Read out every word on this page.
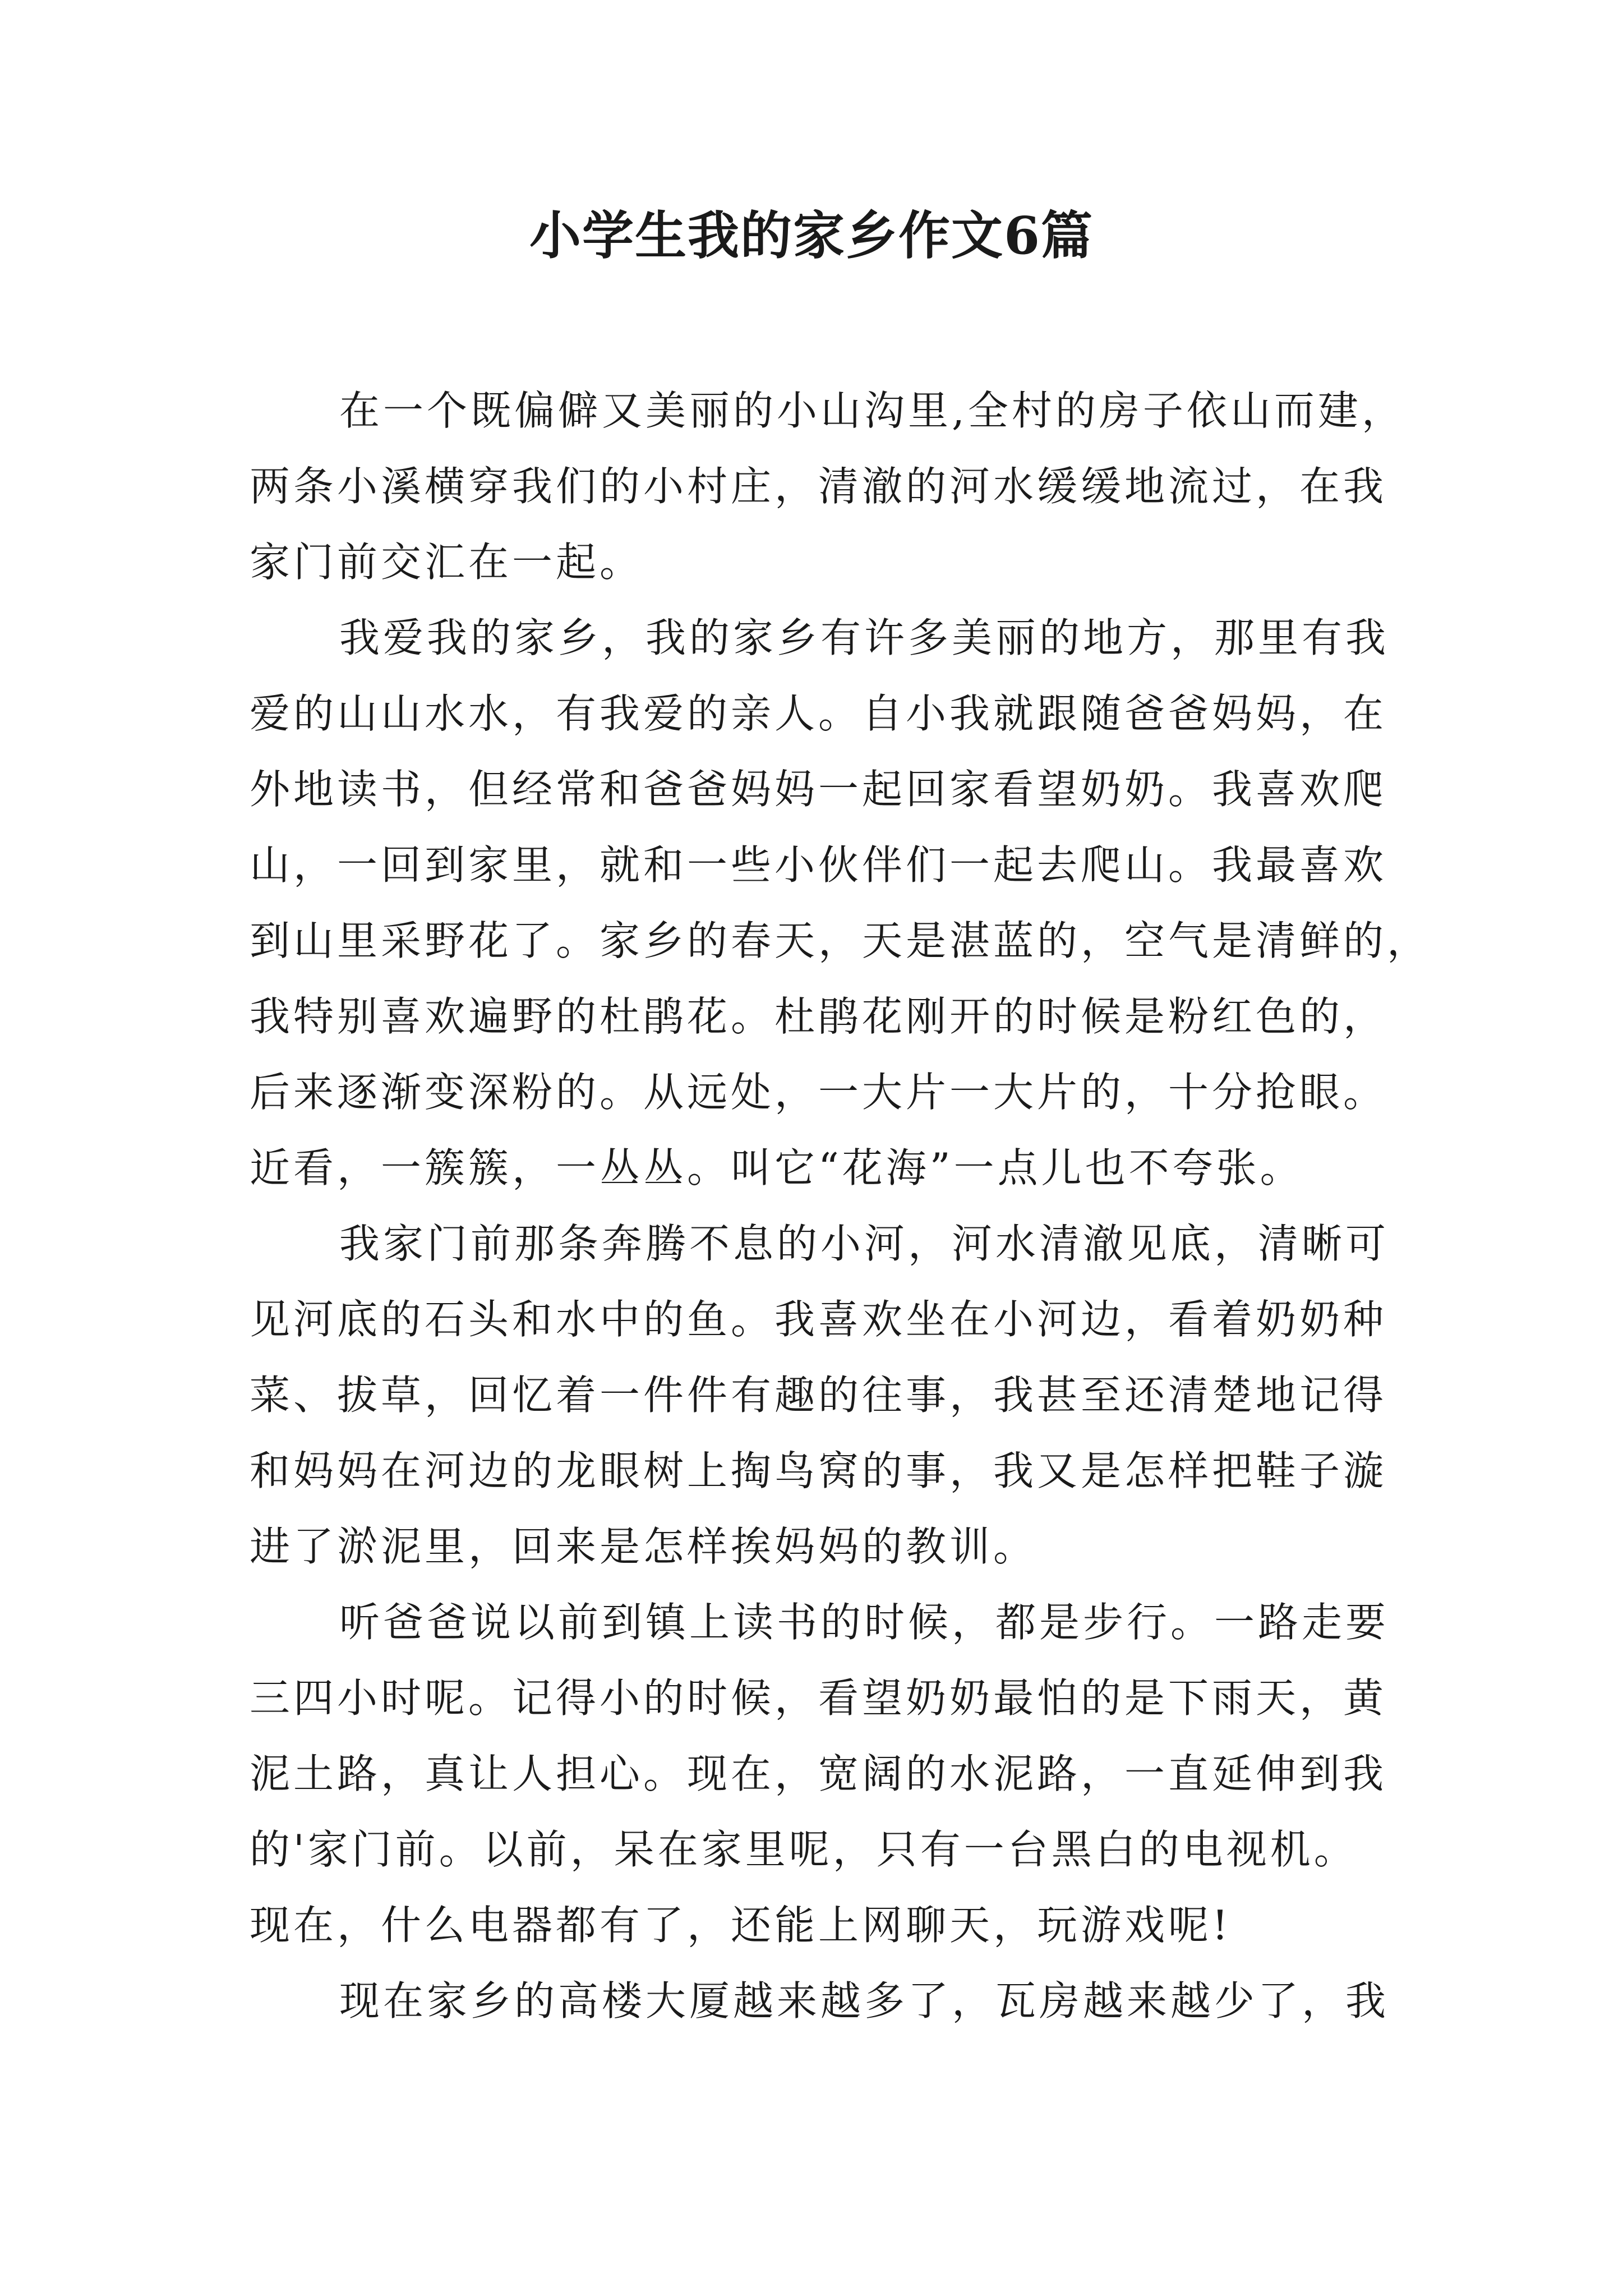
小学生我的家乡作文6篇
在一个既偏僻又美丽的小山沟里,全村的房子依山而建，
两条小溪横穿我们的小村庄，清澈的河水缓缓地流过，在我
家门前交汇在一起。
我爱我的家乡，我的家乡有许多美丽的地方，那里有我
爱的山山水水，有我爱的亲人。自小我就跟随爸爸妈妈，在
外地读书，但经常和爸爸妈妈一起回家看望奶奶。我喜欢爬
山，一回到家里，就和一些小伙伴们一起去爬山。我最喜欢
到山里采野花了。家乡的春天，天是湛蓝的，空气是清鲜的，
我特别喜欢遍野的杜鹃花。杜鹃花刚开的时候是粉红色的，
后来逐渐变深粉的。从远处，一大片一大片的，十分抢眼。
近看，一簇簇，一丛丛。叫它“花海”一点儿也不夸张。
我家门前那条奔腾不息的小河，河水清澈见底，清晰可
见河底的石头和水中的鱼。我喜欢坐在小河边，看着奶奶种
菜、拔草，回忆着一件件有趣的往事，我甚至还清楚地记得
和妈妈在河边的龙眼树上掏鸟窝的事，我又是怎样把鞋子漩
进了淤泥里，回来是怎样挨妈妈的教训。
听爸爸说以前到镇上读书的时候，都是步行。一路走要
三四小时呢。记得小的时候，看望奶奶最怕的是下雨天，黄
泥土路，真让人担心。现在，宽阔的水泥路，一直延伸到我
的'家门前。以前，呆在家里呢，只有一台黑白的电视机。
现在，什么电器都有了，还能上网聊天，玩游戏呢!
现在家乡的高楼大厦越来越多了，瓦房越来越少了，我
